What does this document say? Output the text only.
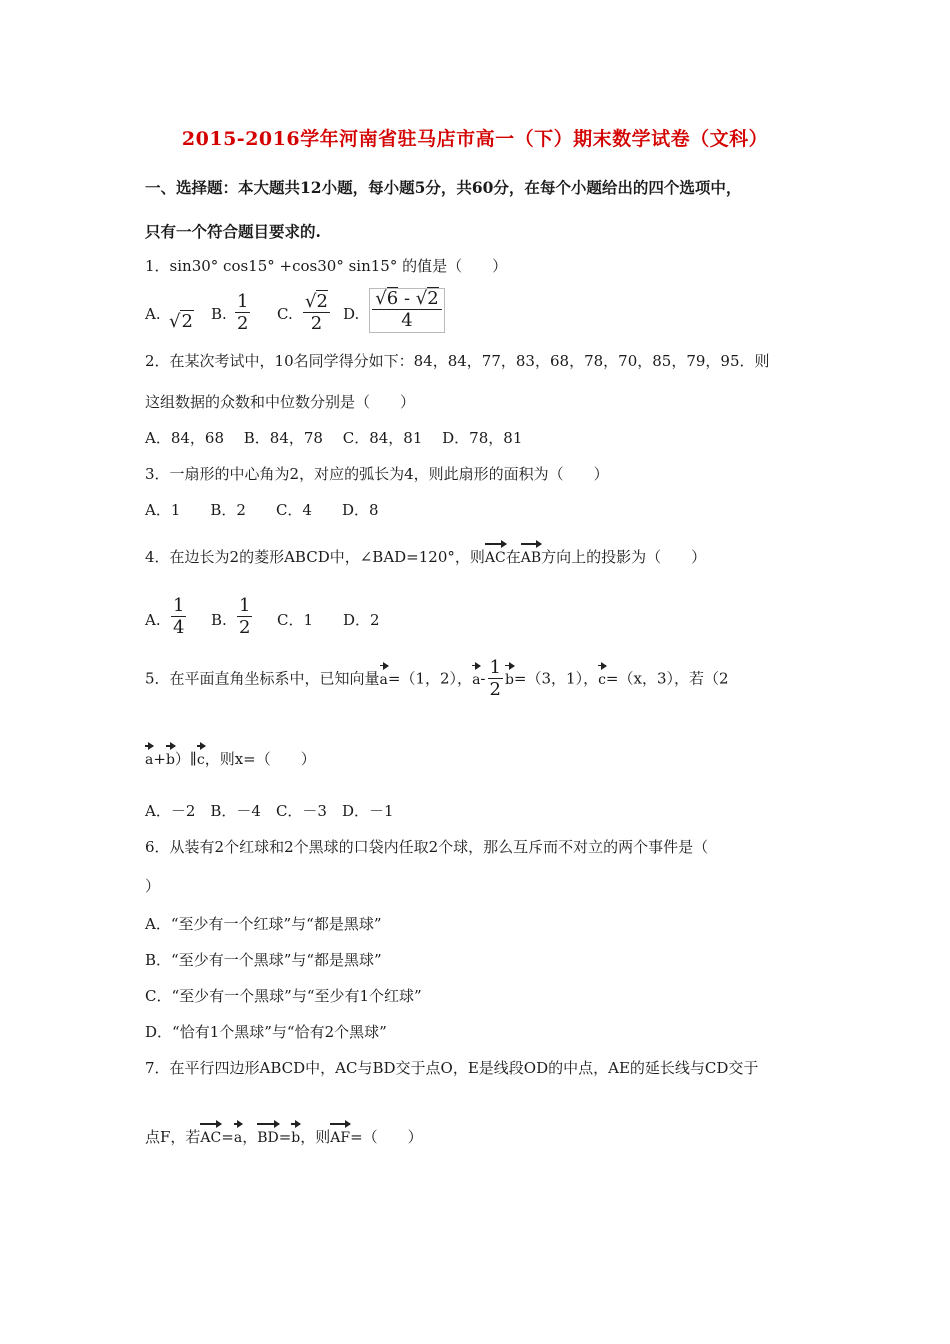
2015-2016学年河南省驻马店市高一（下）期末数学试卷（文科）
一、选择题：本大题共12小题，每小题5分，共60分，在每个小题给出的四个选项中，
只有一个符合题目要求的.
1．sin30° cos15° +cos30° sin15° 的值是（　　）
A. √2 B. $\frac{1}{2} C$. $\frac{√2}{2} D$. $\frac{√6 - √2}{4}$
2．在某次考试中，10名同学得分如下：84，84，77，83，68，78，70，85，79，95．则
这组数据的众数和中位数分别是（　　）
A．84，68　 B．84，78　 C．84，81　 D．78，81
3．一扇形的中心角为2，对应的弧长为4，则此扇形的面积为（　　）
A．1　　B．2　　C．4　　D．8
4．在边长为2的菱形ABCD中，∠BAD=120°，则AC在AB方向上的投影为（　　）
A. $\frac{1}{4} B$. $\frac{1}{2}$ C．1 D．2
5．在平面直角坐标系中，已知向量a=（1，2），$a- \frac{1}{2} b=(3$，1），c=（x，3），若（2
a+b）∥c，则x=（　　）
A．－2　B．－4　C．－3　D．－1
6．从装有2个红球和2个黑球的口袋内任取2个球，那么互斥而不对立的两个事件是（
）
A．“至少有一个红球”与“都是黑球”
B．“至少有一个黑球”与“都是黑球”
C．“至少有一个黑球”与“至少有1个红球”
D．“恰有1个黑球”与“恰有2个黑球”
7．在平行四边形ABCD中，AC与BD交于点O，E是线段OD的中点，AE的延长线与CD交于
点F，若AC=a，BD=b，则AF=（　　）
